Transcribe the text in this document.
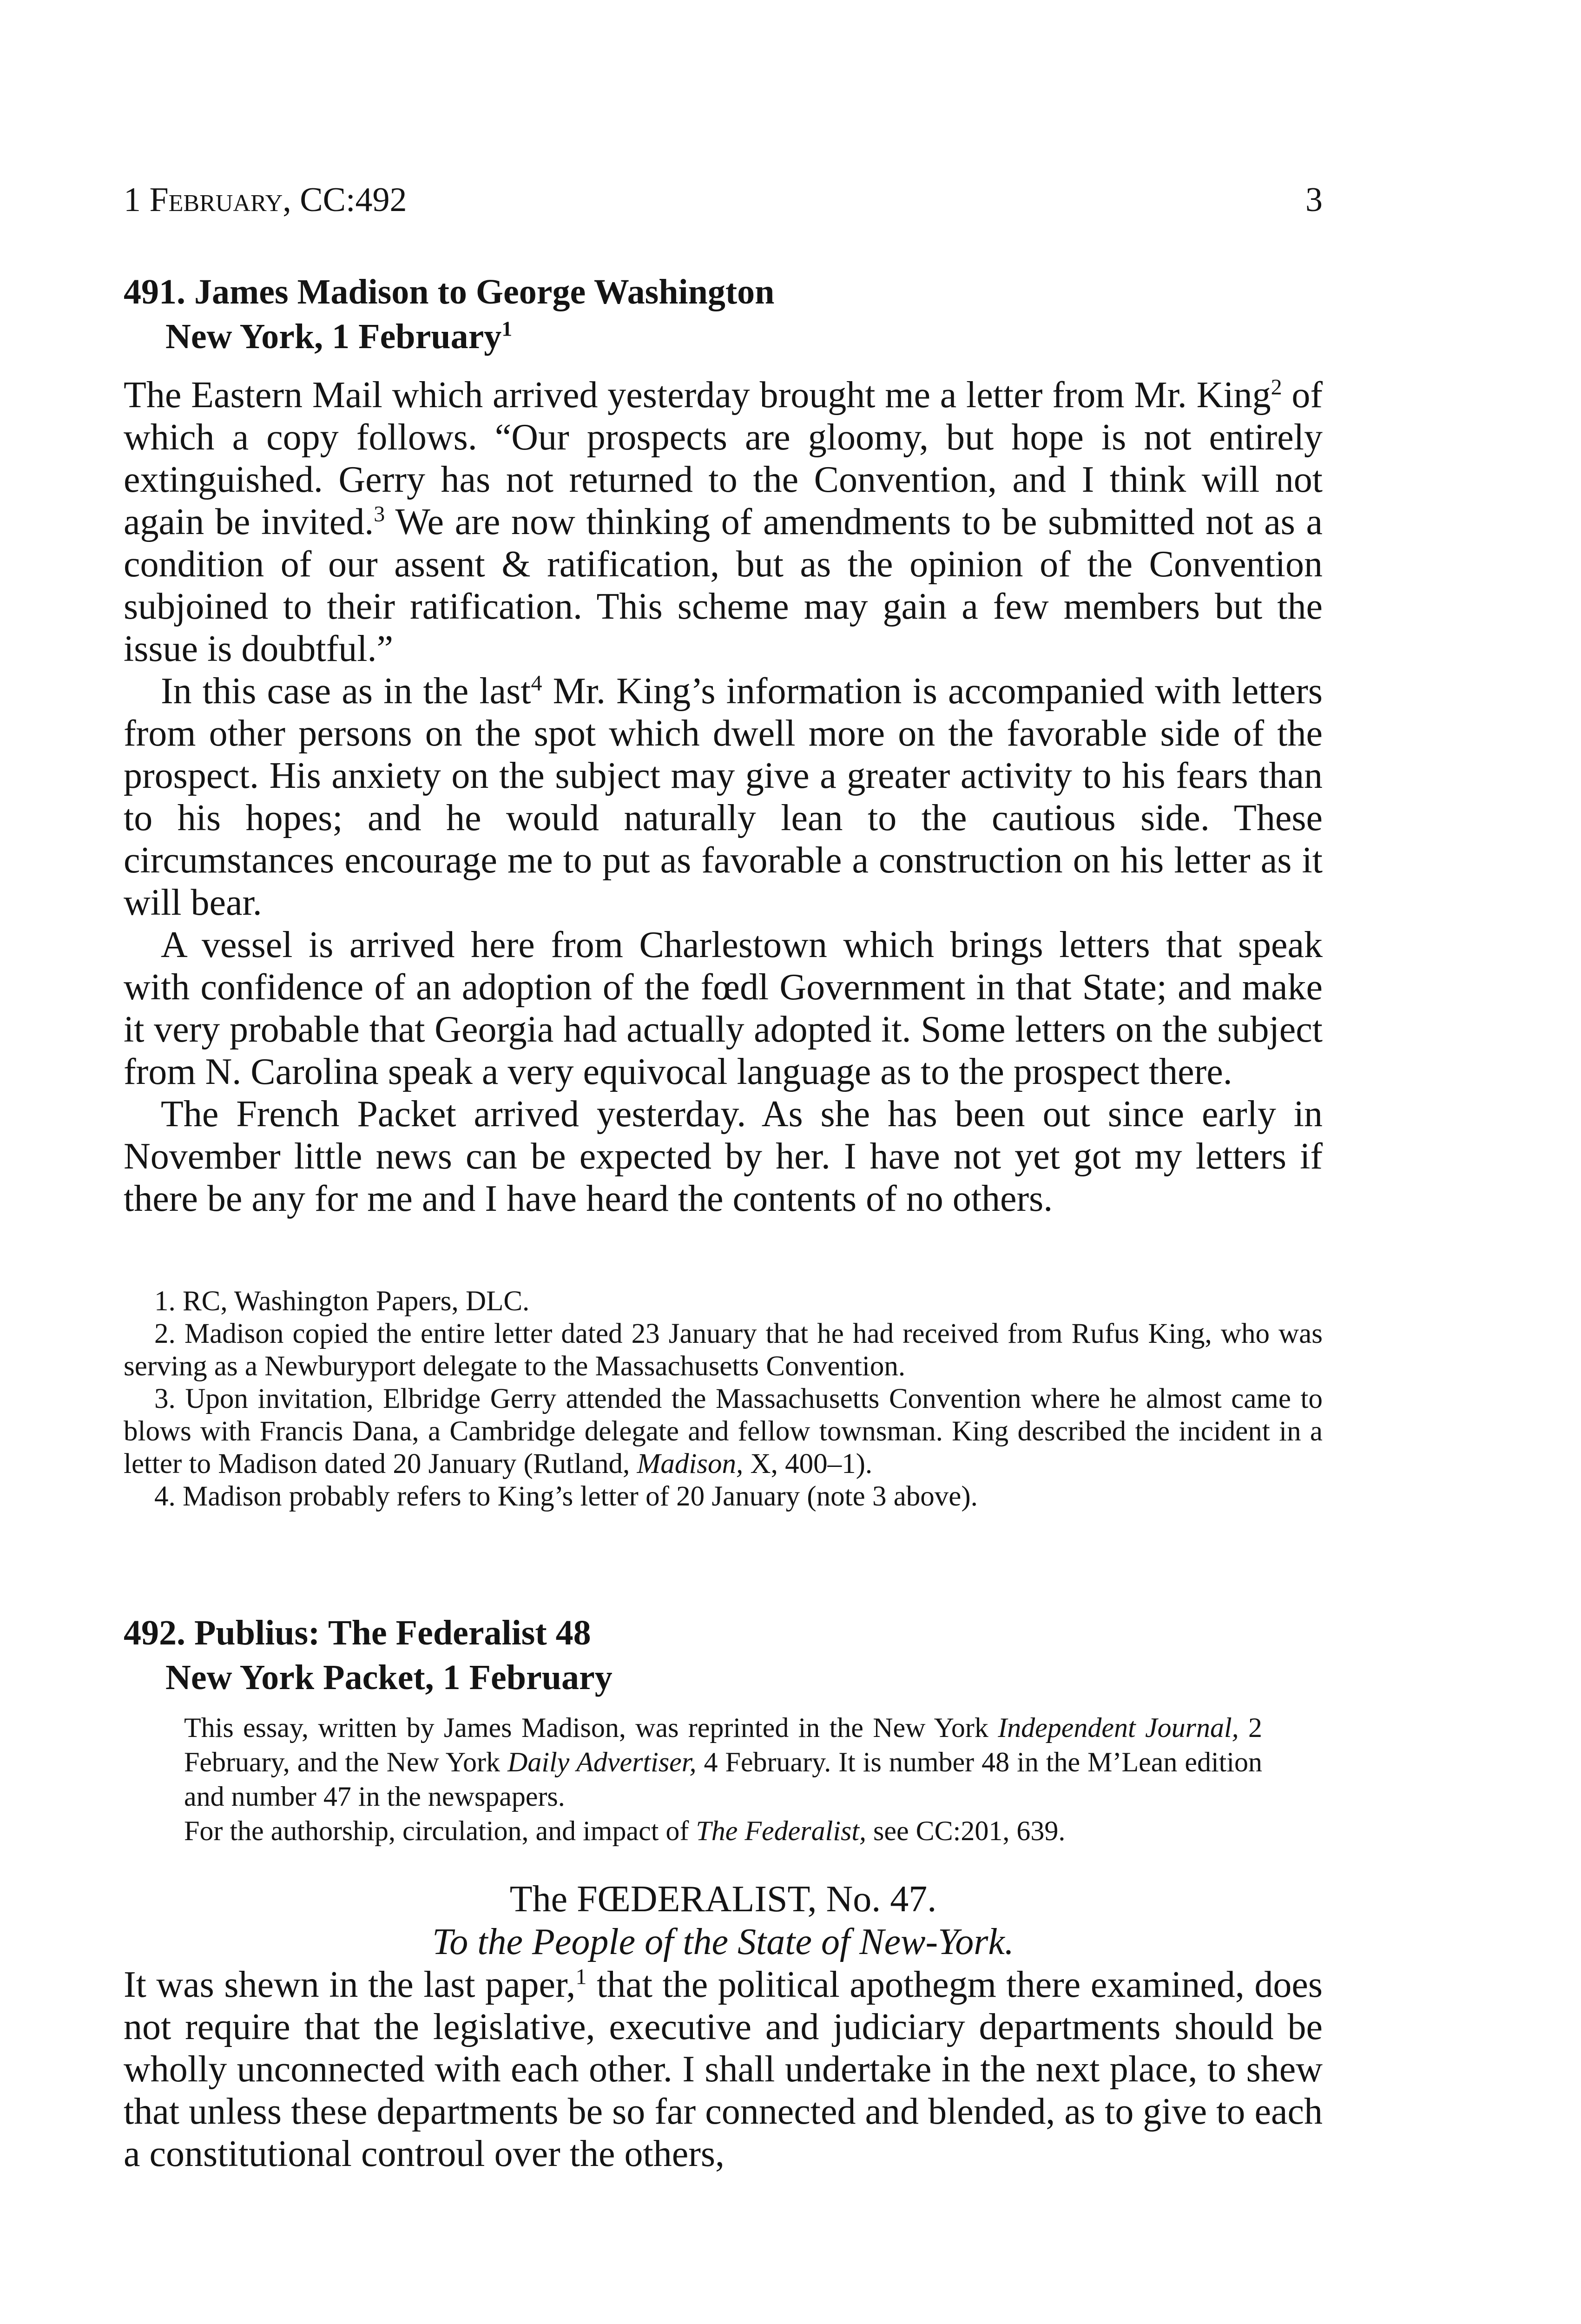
1 February, CC:492	3
491. James Madison to George Washington
New York, 1 February$^1$

The Eastern Mail which arrived yesterday brought me a letter from Mr. King$^2$ of which a copy follows. “Our prospects are gloomy, but hope is not entirely extinguished. Gerry has not returned to the Convention, and I think will not again be invited.$^3$ We are now thinking of amendments to be submitted not as a condition of our assent & ratification, but as the opinion of the Convention subjoined to their ratification. This scheme may gain a few members but the issue is doubtful.”

In this case as in the last$^4$ Mr. King’s information is accompanied with letters from other persons on the spot which dwell more on the favorable side of the prospect. His anxiety on the subject may give a greater activity to his fears than to his hopes; and he would naturally lean to the cautious side. These circumstances encourage me to put as favorable a construction on his letter as it will bear.

A vessel is arrived here from Charlestown which brings letters that speak with confidence of an adoption of the fœdl Government in that State; and make it very probable that Georgia had actually adopted it. Some letters on the subject from N. Carolina speak a very equivocal language as to the prospect there.

The French Packet arrived yesterday. As she has been out since early in November little news can be expected by her. I have not yet got my letters if there be any for me and I have heard the contents of no others.

1. RC, Washington Papers, DLC.

2. Madison copied the entire letter dated 23 January that he had received from Rufus King, who was serving as a Newburyport delegate to the Massachusetts Convention.

3. Upon invitation, Elbridge Gerry attended the Massachusetts Convention where he almost came to blows with Francis Dana, a Cambridge delegate and fellow townsman. King described the incident in a letter to Madison dated 20 January (Rutland, Madison, X, 400–1).

4. Madison probably refers to King’s letter of 20 January (note 3 above).

492. Publius: The Federalist 48
New York Packet, 1 February

This essay, written by James Madison, was reprinted in the New York Independent Journal, 2 February, and the New York Daily Advertiser, 4 February. It is number 48 in the M’Lean edition and number 47 in the newspapers.

For the authorship, circulation, and impact of The Federalist, see CC:201, 639.

The FŒDERALIST, No. 47.
To the People of the State of New-York.

It was shewn in the last paper,$^1$ that the political apothegm there examined, does not require that the legislative, executive and judiciary departments should be wholly unconnected with each other. I shall undertake in the next place, to shew that unless these departments be so far connected and blended, as to give to each a constitutional controul over the others,
